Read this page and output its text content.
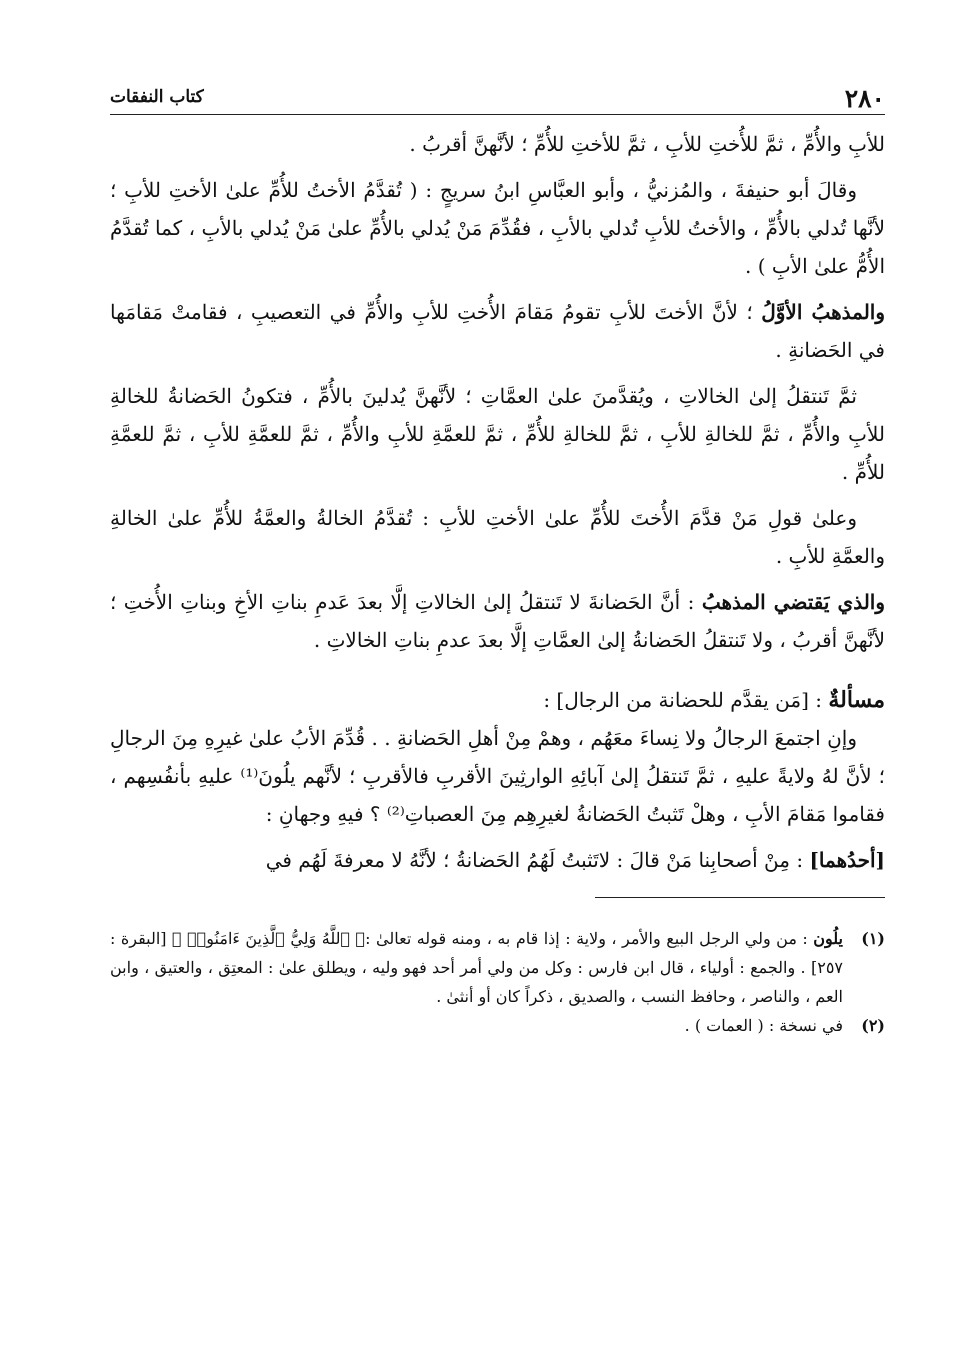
٢٨٠
كتاب النفقات

للأبِ والأُمِّ ، ثمَّ للأُختِ للأبِ ، ثمَّ للأختِ للأُمِّ ؛ لأنَّهنَّ أقربُ .

وقالَ أبو حنيفةَ ، والمُزنيُّ ، وأبو العبَّاسِ ابنُ سريجٍ : ( تُقدَّمُ الأختُ للأُمِّ علىٰ الأختِ للأبِ ؛ لأنَّها تُدلي بالأُمِّ ، والأختُ للأبِ تُدلي بالأبِ ، فقُدِّمَ مَنْ يُدلي بالأُمِّ علىٰ مَنْ يُدلي بالأبِ ، كما تُقدَّمُ الأُمُّ علىٰ الأبِ ) .

والمذهبُ الأوَّلُ ؛ لأنَّ الأختَ للأبِ تقومُ مَقامَ الأُختِ للأبِ والأُمِّ في التعصيبِ ، فقامتْ مَقامَها في الحَضانةِ .

ثمَّ تَنتقلُ إلىٰ الخالاتِ ، ويُقدَّمنَ علىٰ العمَّاتِ ؛ لأنَّهنَّ يُدلينَ بالأُمِّ ، فتكونُ الحَضانةُ للخالةِ للأبِ والأُمِّ ، ثمَّ للخالةِ للأبِ ، ثمَّ للخالةِ للأُمِّ ، ثمَّ للعمَّةِ للأبِ والأُمِّ ، ثمَّ للعمَّةِ للأبِ ، ثمَّ للعمَّةِ للأُمِّ .

وعلىٰ قولِ مَنْ قدَّمَ الأُختَ للأُمِّ علىٰ الأختِ للأبِ : تُقدَّمُ الخالةُ والعمَّةُ للأُمِّ علىٰ الخالةِ والعمَّةِ للأبِ .

والذي يَقتضي المذهبُ : أنَّ الحَضانةَ لا تَنتقلُ إلىٰ الخالاتِ إلَّا بعدَ عَدمِ بناتِ الأخِ وبناتِ الأُختِ ؛ لأنَّهنَّ أقربُ ، ولا تَنتقلُ الحَضانةُ إلىٰ العمَّاتِ إلَّا بعدَ عدمِ بناتِ الخالاتِ .

مسألةٌ : [مَن يقدَّم للحضانة من الرجال] :

وإنِ اجتمعَ الرجالُ ولا نِساءَ معَهُم ، وهمْ مِنْ أهلِ الحَضانةِ . . قُدِّمَ الأبُ علىٰ غيرِهِ مِنَ الرجالِ ؛ لأنَّ لهُ ولايةً عليهِ ، ثمَّ تَنتقلُ إلىٰ آبائِهِ الوارثِينَ الأقربِ فالأقربِ ؛ لأنَّهم يلُونَ⁽¹⁾ عليهِ بأنفُسِهم ، فقاموا مَقامَ الأبِ ، وهلْ تَثبتُ الحَضانةُ لغيرِهِم مِنَ العصباتِ⁽²⁾ ؟ فيهِ وجهانِ :

[أحدُهما] : مِنْ أصحابِنا مَنْ قالَ : لاتَثبتُ لَهُمُ الحَضانةُ ؛ لأنَّهُ لا معرفةَ لَهُم في

(١)
يلُون : من ولي الرجل البيع والأمر ، ولاية : إذا قام به ، ومنه قوله تعالىٰ :﴿ ٱللَّهُ وَلِيُّ ٱلَّذِينَ ءَامَنُوا۟ ﴾ [البقرة : ٢٥٧] . والجمع : أولياء ، قال ابن فارس : وكل من ولي أمر أحد فهو وليه ، ويطلق علىٰ : المعتِق ، والعتيق ، وابن العم ، والناصر ، وحافظ النسب ، والصديق ، ذكراً كان أو أنثىٰ .
(٢)
في نسخة : ( العمات ) .
